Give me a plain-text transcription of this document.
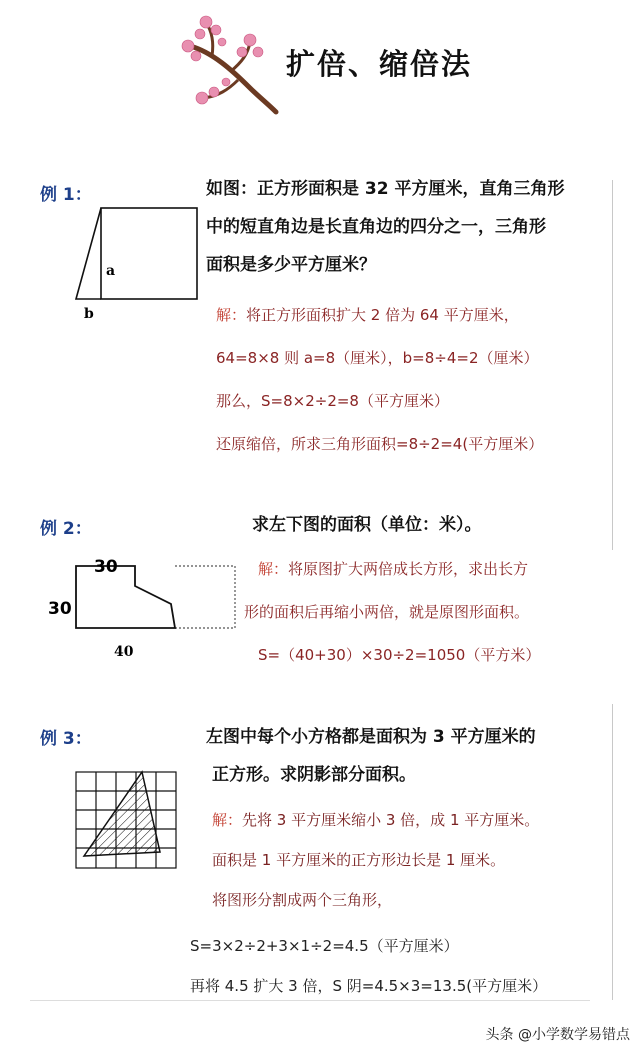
扩倍、缩倍法
例 1：
a
b
如图：正方形面积是 32 平方厘米，直角三角形
中的短直角边是长直角边的四分之一，三角形
面积是多少平方厘米？
解：将正方形面积扩大 2 倍为 64 平方厘米，
64=8×8 则 a=8（厘米），b=8÷4=2（厘米）
那么，S=8×2÷2=8（平方厘米）
还原缩倍，所求三角形面积=8÷2=4(平方厘米）
例 2：	求左下图的面积（单位：米）。
30
30
40
解：将原图扩大两倍成长方形，求出长方
形的面积后再缩小两倍，就是原图形面积。
S=（40+30）×30÷2=1050（平方米）
例 3：	左图中每个小方格都是面积为 3 平方厘米的
正方形。求阴影部分面积。
解：先将 3 平方厘米缩小 3 倍，成 1 平方厘米。
面积是 1 平方厘米的正方形边长是 1 厘米。
将图形分割成两个三角形，
S=3×2÷2+3×1÷2=4.5（平方厘米）
再将 4.5 扩大 3 倍，S 阴=4.5×3=13.5(平方厘米）
头条 @小学数学易错点
